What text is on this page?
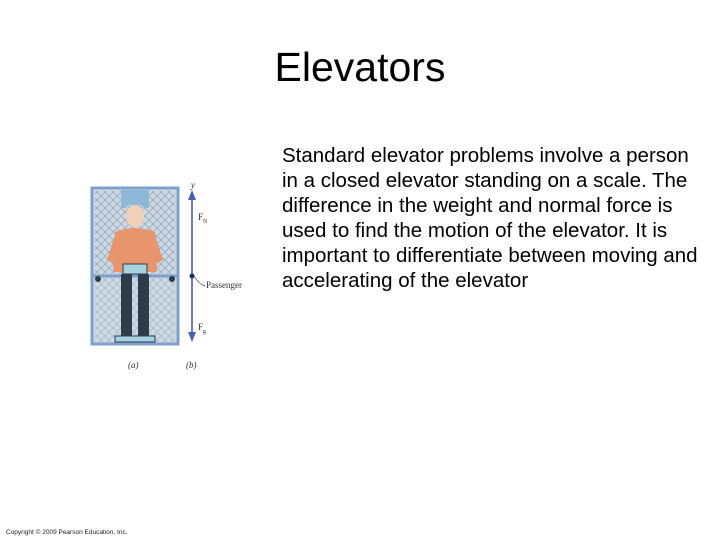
Elevators
Standard elevator problems involve a person in a closed elevator standing on a scale. The difference in the weight and normal force is used to find the motion of the elevator. It is important to differentiate between moving and accelerating of the elevator
y
$F_N$
$F_g$
Passenger
(a)	(b)
Copyright © 2009 Pearson Education, Inc.
